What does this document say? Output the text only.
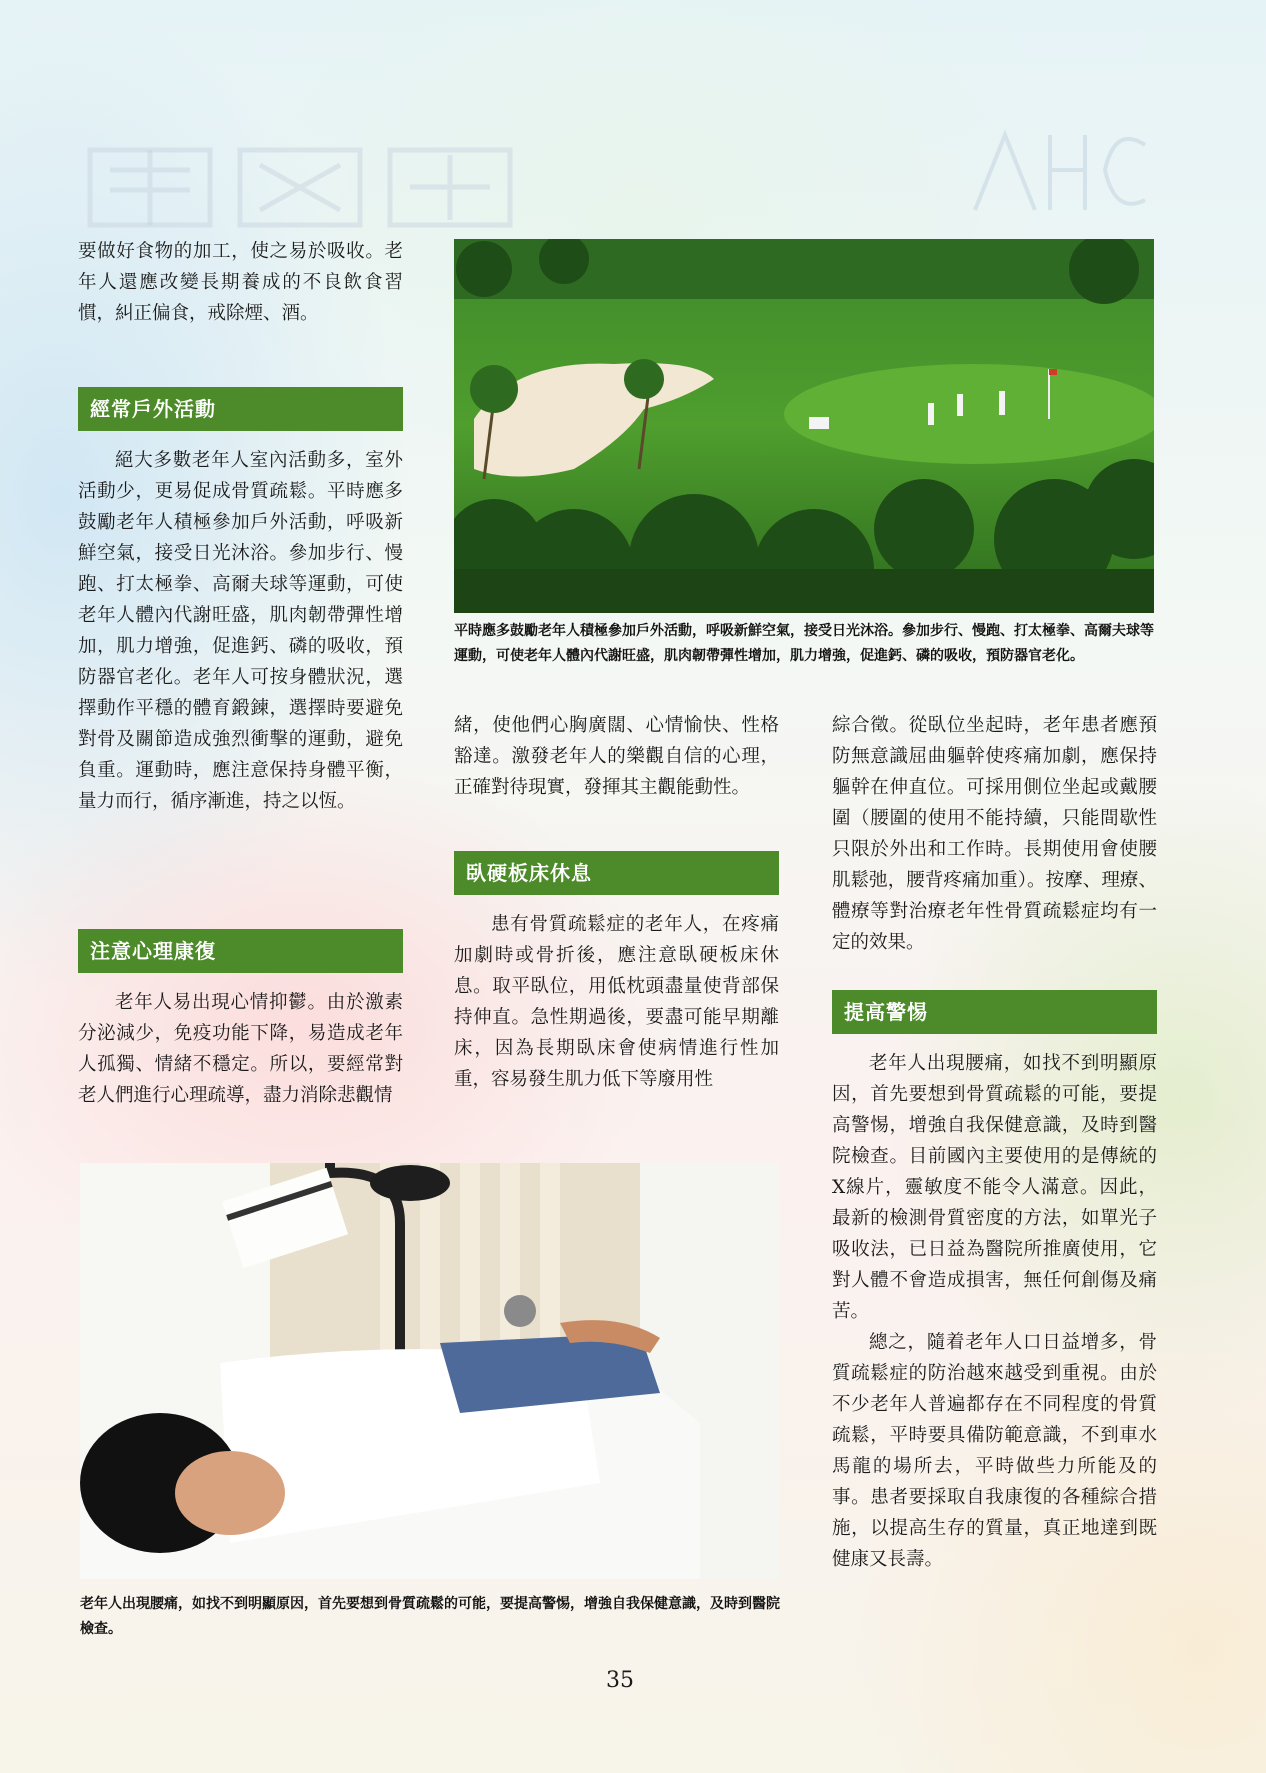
要做好食物的加工，使之易於吸收。老年人還應改變長期養成的不良飲食習慣，糾正偏食，戒除煙、酒。

經常戶外活動

絕大多數老年人室內活動多，室外活動少，更易促成骨質疏鬆。平時應多鼓勵老年人積極參加戶外活動，呼吸新鮮空氣，接受日光沐浴。參加步行、慢跑、打太極拳、高爾夫球等運動，可使老年人體內代謝旺盛，肌肉韌帶彈性增加，肌力增強，促進鈣、磷的吸收，預防器官老化。老年人可按身體狀況，選擇動作平穩的體育鍛鍊，選擇時要避免對骨及關節造成強烈衝擊的運動，避免負重。運動時，應注意保持身體平衡，量力而行，循序漸進，持之以恆。

注意心理康復

老年人易出現心情抑鬱。由於激素分泌減少，免疫功能下降，易造成老年人孤獨、情緒不穩定。所以，要經常對老人們進行心理疏導，盡力消除悲觀情

平時應多鼓勵老年人積極參加戶外活動，呼吸新鮮空氣，接受日光沐浴。參加步行、慢跑、打太極拳、高爾夫球等運動，可使老年人體內代謝旺盛，肌肉韌帶彈性增加，肌力增強，促進鈣、磷的吸收，預防器官老化。

緒，使他們心胸廣闊、心情愉快、性格豁達。激發老年人的樂觀自信的心理，正確對待現實，發揮其主觀能動性。

臥硬板床休息

患有骨質疏鬆症的老年人，在疼痛加劇時或骨折後，應注意臥硬板床休息。取平臥位，用低枕頭盡量使背部保持伸直。急性期過後，要盡可能早期離床，因為長期臥床會使病情進行性加重，容易發生肌力低下等廢用性

綜合徵。從臥位坐起時，老年患者應預防無意識屈曲軀幹使疼痛加劇，應保持軀幹在伸直位。可採用側位坐起或戴腰圍（腰圍的使用不能持續，只能間歇性只限於外出和工作時。長期使用會使腰肌鬆弛，腰背疼痛加重）。按摩、理療、體療等對治療老年性骨質疏鬆症均有一定的效果。

提高警惕

老年人出現腰痛，如找不到明顯原因，首先要想到骨質疏鬆的可能，要提高警惕，增強自我保健意識，及時到醫院檢查。目前國內主要使用的是傳統的X線片，靈敏度不能令人滿意。因此，最新的檢測骨質密度的方法，如單光子吸收法，已日益為醫院所推廣使用，它對人體不會造成損害，無任何創傷及痛苦。

總之，隨着老年人口日益增多，骨質疏鬆症的防治越來越受到重視。由於不少老年人普遍都存在不同程度的骨質疏鬆，平時要具備防範意識，不到車水馬龍的場所去，平時做些力所能及的事。患者要採取自我康復的各種綜合措施，以提高生存的質量，真正地達到既健康又長壽。

老年人出現腰痛，如找不到明顯原因，首先要想到骨質疏鬆的可能，要提高警惕，增強自我保健意識，及時到醫院檢查。
35
